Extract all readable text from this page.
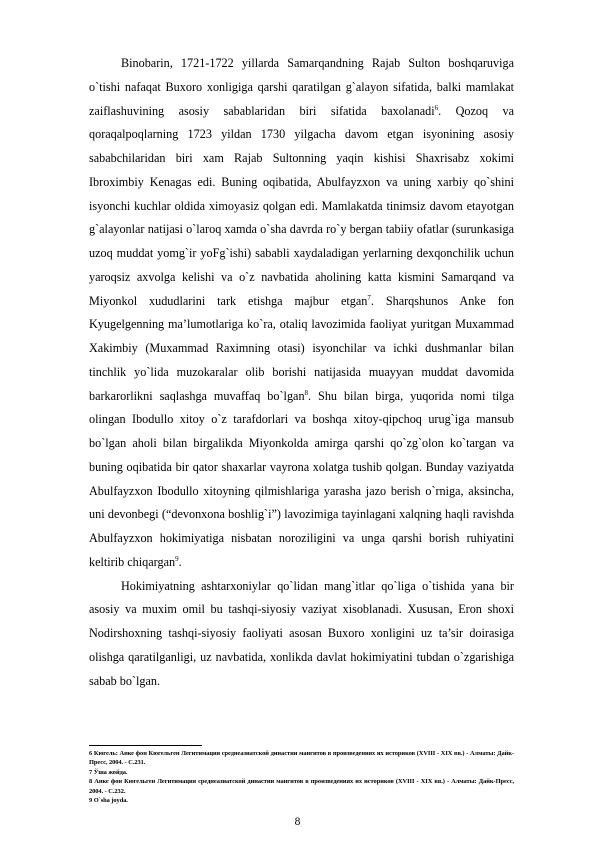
Binobarin, 1721-1722 yillarda Samarqandning Rajab Sulton boshqaruviga o`tishi nafaqat Buxoro xonligiga qarshi qaratilgan g`alayon sifatida, balki mamlakat zaiflashuvining asosiy sabablaridan biri sifatida baxolanadi$^6$. Qozoq va qoraqalpoqlarning 1723 yildan 1730 yilgacha davom etgan isyonining asosiy sababchilaridan biri xam Rajab Sultonning yaqin kishisi Shaxrisabz xokimi Ibroximbiy Kenagas edi. Buning oqibatida, Abulfayzxon va uning xarbiy qo`shini isyonchi kuchlar oldida ximoyasiz qolgan edi. Mamlakatda tinimsiz davom etayotgan g`alayonlar natijasi o`laroq xamda o`sha davrda ro`y bergan tabiiy ofatlar (surunkasiga uzoq muddat yomg`ir yoFg`ishi) sababli xaydaladigan yerlarning dexqonchilik uchun yaroqsiz axvolga kelishi va o`z navbatida aholining katta kismini Samarqand va Miyonkol xududlarini tark etishga majbur etgan$^7$. Sharqshunos Anke fon Kyugelgenning ma’lumotlariga ko`ra, otaliq lavozimida faoliyat yuritgan Muxammad Xakimbiy (Muxammad Raximning otasi) isyonchilar va ichki dushmanlar bilan tinchlik yo`lida muzokaralar olib borishi natijasida muayyan muddat davomida barkarorlikni saqlashga muvaffaq bo`lgan$^8$. Shu bilan birga, yuqorida nomi tilga olingan Ibodullo xitoy o`z tarafdorlari va boshqa xitoy-qipchoq urug`iga mansub bo`lgan aholi bilan birgalikda Miyonkolda amirga qarshi qo`zg`olon ko`targan va buning oqibatida bir qator shaxarlar vayrona xolatga tushib qolgan. Bunday vaziyatda Abulfayzxon Ibodullo xitoyning qilmishlariga yarasha jazo berish o`rniga, aksincha, uni devonbegi (“devonxona boshlig`i”) lavozimiga tayinlagani xalqning haqli ravishda Abulfayzxon hokimiyatiga nisbatan noroziligini va unga qarshi borish ruhiyatini keltirib chiqargan$^9$.

Hokimiyatning ashtarxoniylar qo`lidan mang`itlar qo`liga o`tishida yana bir asosiy va muxim omil bu tashqi-siyosiy vaziyat xisoblanadi. Xususan, Eron shoxi Nodirshoxning tashqi-siyosiy faoliyati asosan Buxoro xonligini uz ta’sir doirasiga olishga qaratilganligi, uz navbatida, xonlikda davlat hokimiyatini tubdan o`zgarishiga sabab bo`lgan.

6 Кюгель: Анке фон Кюгельген Легитимация среднеазиатской династии мангитов в произведениях их историков (XVIII - XIX вв.) - Алматы: Дайк-Пресс, 2004. - С.231.

7 Ўша жойда.

8 Анке фон Кюгельген Легитимация среднеазиатской династии мангитов в произведениях их историков (XVIII - XIX вв.) - Алматы: Дайк-Пресс, 2004. - С.232.

9 O`sha joyda.

8
